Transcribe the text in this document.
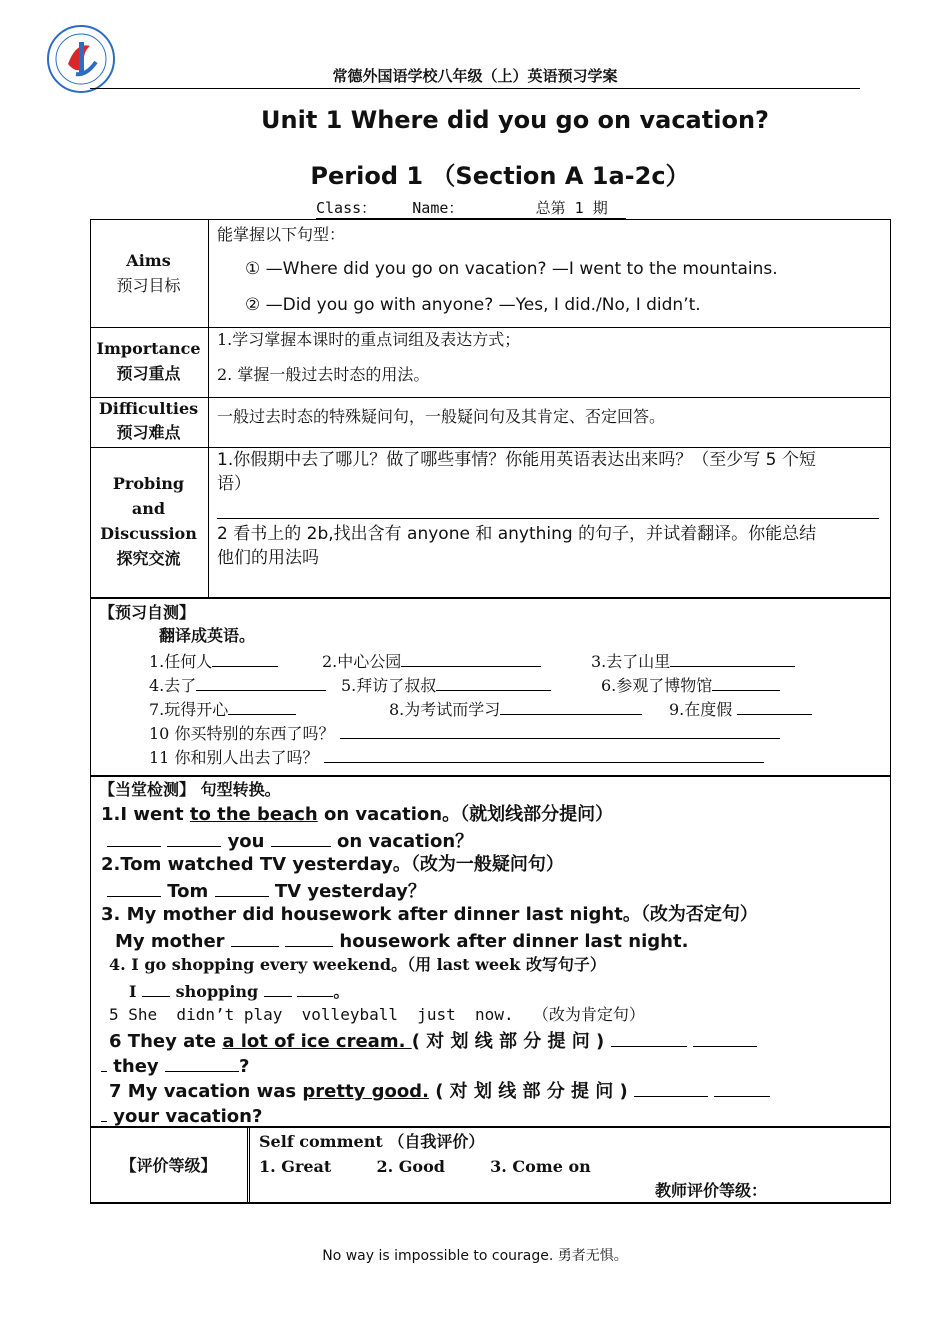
常德外国语学校八年级（上）英语预习学案
Unit 1 Where did you go on vacation?
Period 1 （Section A 1a-2c）
Class：    Name：        总第 1 期
Aims
预习目标
能掌握以下句型：
① —Where did you go on vacation? —I went to the mountains.
② —Did you go with anyone? —Yes, I did./No, I didn’t.
Importance
预习重点
1.学习掌握本课时的重点词组及表达方式；
2. 掌握一般过去时态的用法。
Difficulties
预习难点
一般过去时态的特殊疑问句，一般疑问句及其肯定、否定回答。
Probing
and
Discussion
探究交流
1.你假期中去了哪儿？做了哪些事情？你能用英语表达出来吗？（至少写 5 个短
语）
2 看书上的 2b,找出含有 anyone 和 anything 的句子，并试着翻译。你能总结
他们的用法吗
【预习自测】
翻译成英语。
1.任何人	2.中心公园	3.去了山里
4.去了	5.拜访了叔叔	6.参观了博物馆
7.玩得开心	8.为考试而学习	9.在度假
10 你买特别的东西了吗？
11 你和别人出去了吗？
【当堂检测】 句型转换。
1.I went to the beach on vacation。（就划线部分提问）
you	on vacation？
2.Tom watched TV yesterday。（改为一般疑问句）
Tom	TV yesterday？
3. My mother did housework after dinner last night。（改为否定句）
My mother	housework after dinner last night.
4. I go shopping every weekend。（用 last week 改写句子）
I shopping	。
5 She  didn’t play  volleyball  just  now.  （改为肯定句）
6 They ate a lot of ice cream. ( 对 划 线 部 分 提 问 )
they	?
7 My vacation was pretty good. ( 对 划 线 部 分 提 问 )
your vacation?
【评价等级】
Self comment （自我评价）
1. Great	2. Good	3. Come on
教师评价等级：
No way is impossible to courage. 勇者无惧。
